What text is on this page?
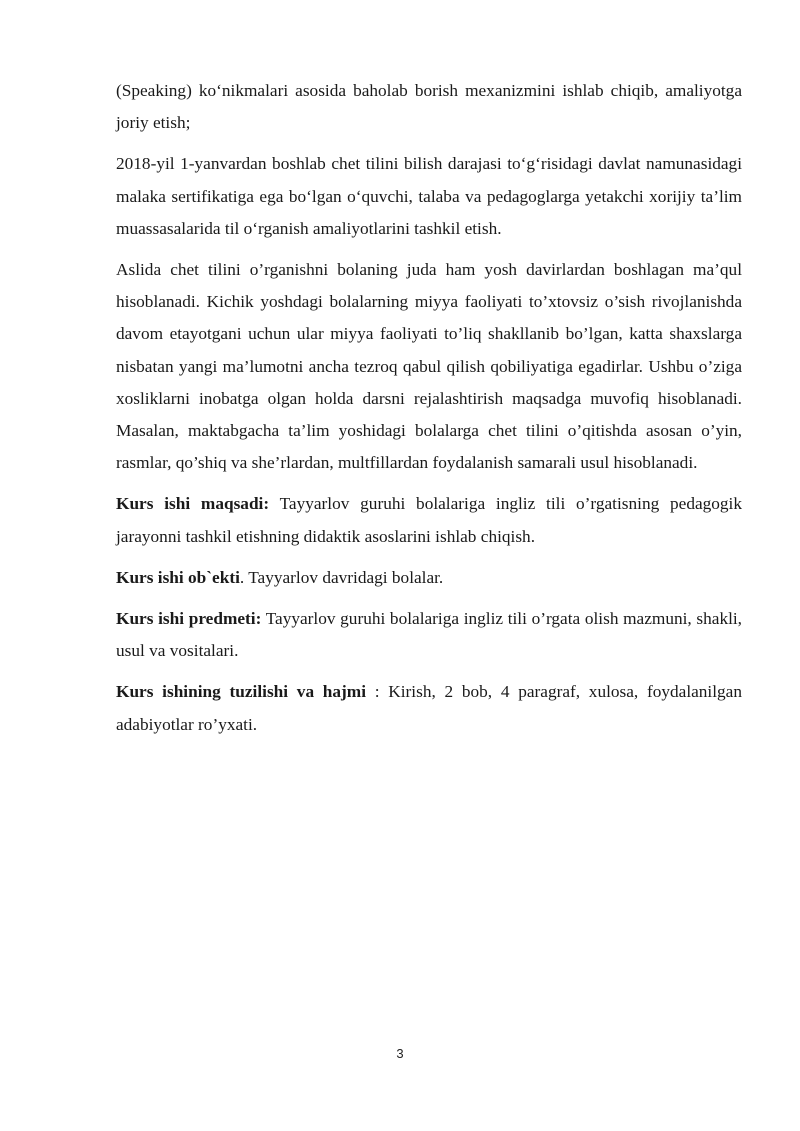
(Speaking) ko‘nikmalari asosida baholab borish mexanizmini ishlab chiqib, amaliyotga joriy etish;

2018-yil 1-yanvardan boshlab chet tilini bilish darajasi to‘g‘risidagi davlat namunasidagi malaka sertifikatiga ega bo‘lgan o‘quvchi, talaba va pedagoglarga yetakchi xorijiy ta’lim muassasalarida til o‘rganish amaliyotlarini tashkil etish.

Aslida chet tilini o’rganishni bolaning juda ham yosh davirlardan boshlagan ma’qul hisoblanadi. Kichik yoshdagi bolalarning miyya faoliyati to’xtovsiz o’sish rivojlanishda davom etayotgani uchun ular miyya faoliyati to’liq shakllanib bo’lgan, katta shaxslarga nisbatan yangi ma’lumotni ancha tezroq qabul qilish qobiliyatiga egadirlar. Ushbu o’ziga xosliklarni inobatga olgan holda darsni rejalashtirish maqsadga muvofiq hisoblanadi. Masalan, maktabgacha ta’lim yoshidagi bolalarga chet tilini o’qitishda asosan o’yin, rasmlar, qo’shiq va she’rlardan, multfillardan foydalanish samarali usul hisoblanadi.

Kurs ishi maqsadi: Tayyarlov guruhi bolalariga ingliz tili o’rgatisning pedagogik jarayonni tashkil etishning didaktik asoslarini ishlab chiqish.

Kurs ishi ob`ekti. Tayyarlov davridagi bolalar.

Kurs ishi predmeti: Tayyarlov guruhi bolalariga ingliz tili o’rgata olish mazmuni, shakli, usul va vositalari.

Kurs ishining tuzilishi va hajmi : Kirish, 2 bob, 4 paragraf, xulosa, foydalanilgan adabiyotlar ro’yxati.

3
